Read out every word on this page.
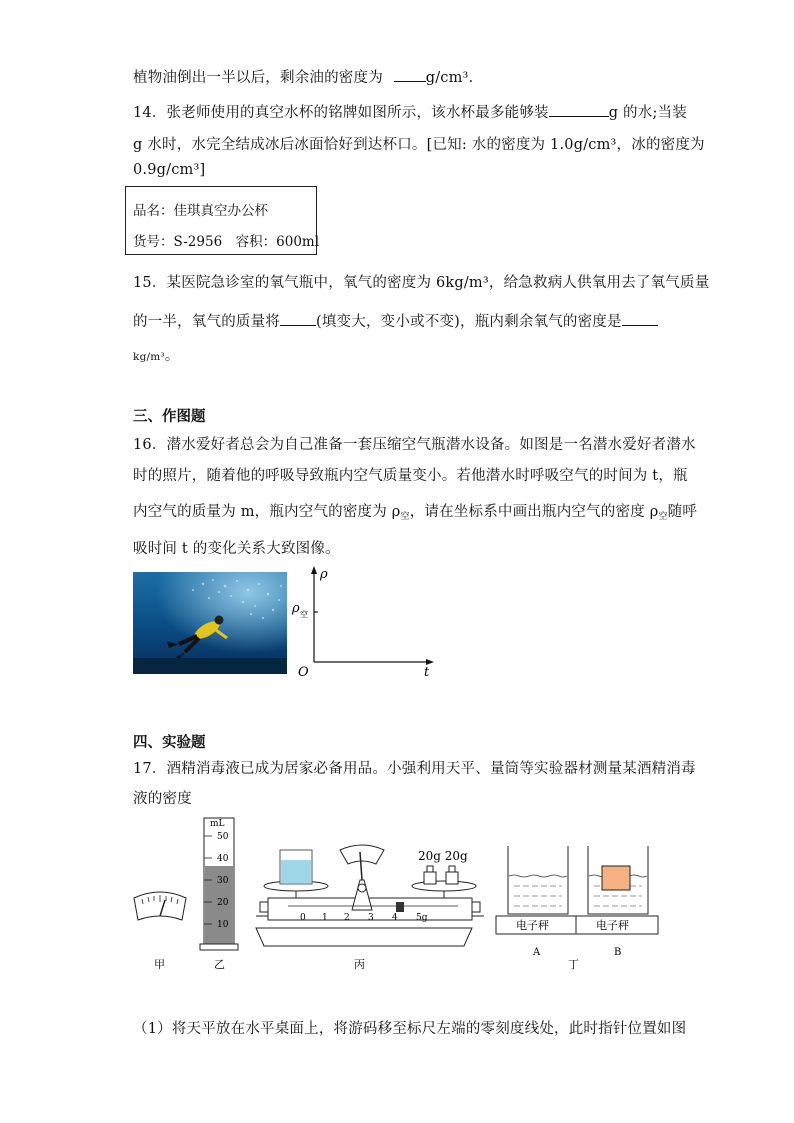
植物油倒出一半以后，剩余油的密度为	g/cm³．
14．张老师使用的真空水杯的铭牌如图所示，该水杯最多能够装	g 的水;当装
g 水时，水完全结成冰后冰面恰好到达杯口。[已知: 水的密度为 1.0g/cm³，冰的密度为
0.9g/cm³]
品名：佳琪真空办公杯
货号：S-2956　容积：600ml
15．某医院急诊室的氧气瓶中，氧气的密度为 6kg/m³，给急救病人供氧用去了氧气质量
的一半，氧气的质量将 (填变大，变小或不变)，瓶内剩余氧气的密度是
kg/m³。
三、作图题
16．潜水爱好者总会为自己准备一套压缩空气瓶潜水设备。如图是一名潜水爱好者潜水
时的照片，随着他的呼吸导致瓶内空气质量变小。若他潜水时呼吸空气的时间为 t，瓶
内空气的质量为 m，瓶内空气的密度为 $\rho_空$，请在坐标系中画出瓶内空气的密度 $\rho_空$随呼
吸时间 t 的变化关系大致图像。
ρ
t
O
ρ 空
四、实验题
17．酒精消毒液已成为居家必备用品。小强利用天平、量筒等实验器材测量某酒精消毒
液的密度
甲
mL
50
40
30
20
10
乙
20g 20g
0 1 2 3 4 5g
丙
电子秤
A
电子秤
B
丁
（1）将天平放在水平桌面上，将游码移至标尺左端的零刻度线处，此时指针位置如图
